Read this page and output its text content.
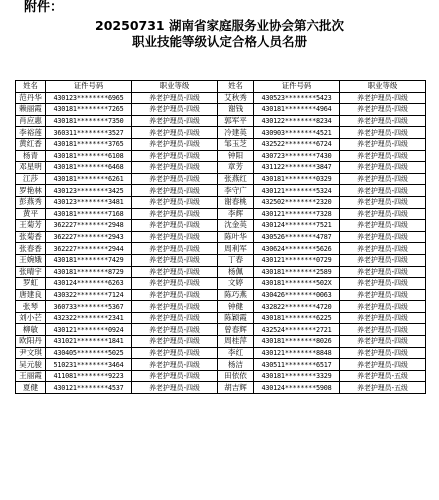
附件：
20250731 湖南省家庭服务业协会第六批次
职业技能等级认定合格人员名册
姓名	证件号码	职业等级	姓名	证件号码	职业等级
范丹华	430123********6965	养老护理员-四级	艾秋秀	430523********5423	养老护理员-四级
赖丽霞	430181********7265	养老护理员-四级	谢钱	430181********4964	养老护理员-四级
肖应惠	430181********7350	养老护理员-四级	郭军平	430122********8234	养老护理员-四级
李裕莲	360311********3527	养老护理员-四级	冷建英	430903********4521	养老护理员-四级
黄红香	430181********3765	养老护理员-四级	邹玉芝	432522********6724	养老护理员-四级
杨青	430181********6108	养老护理员-四级	钟阳	430723********7430	养老护理员-四级
邓星明	430181********6468	养老护理员-四级	章芳	431122********3847	养老护理员-四级
江莎	430181********6261	养老护理员-四级	张燕红	430181********0329	养老护理员-四级
罗艳林	430123********3425	养老护理员-四级	李守广	430121********5324	养老护理员-四级
彭燕秀	430123********3481	养老护理员-四级	谢春桃	432502********2320	养老护理员-四级
黄平	430181********7168	养老护理员-四级	李辉	430121********7328	养老护理员-四级
王菊芳	362227********2948	养老护理员-四级	沈金英	430124********7521	养老护理员-四级
张菊香	362227********2943	养老护理员-四级	陈叶华	430526********4787	养老护理员-四级
张春香	362227********2944	养老护理员-四级	周利军	430624********5626	养老护理员-四级
王婉娥	430181********7429	养老护理员-四级	丁春	430121********0729	养老护理员-四级
张晴宇	430181********8729	养老护理员-四级	杨佩	430181********2589	养老护理员-四级
罗虹	430124********6263	养老护理员-四级	文婷	430181********502X	养老护理员-四级
唐建良	430322********7124	养老护理员-四级	陈巧燕	430426********0063	养老护理员-四级
张琴	360733********5367	养老护理员-四级	钟健	432822********4720	养老护理员-四级
刘小芒	432322********2341	养老护理员-四级	陈颖霞	430181********6225	养老护理员-四级
柳敏	430121********0924	养老护理员-四级	曾春辉	432524********2721	养老护理员-四级
欧阳丹	431021********1841	养老护理员-四级	周桂萍	430181********8026	养老护理员-四级
尹文琪	430405********5025	养老护理员-四级	李红	430121********8848	养老护理员-四级
吴元骏	510231********3464	养老护理员-四级	杨洁	430511********6517	养老护理员-四级
王丽霞	411081********9223	养老护理员-四级	田依依	430181********3329	养老护理员-五级
夏健	430121********4537	养老护理员-四级	胡吉辉	430124********5908	养老护理员-五级
